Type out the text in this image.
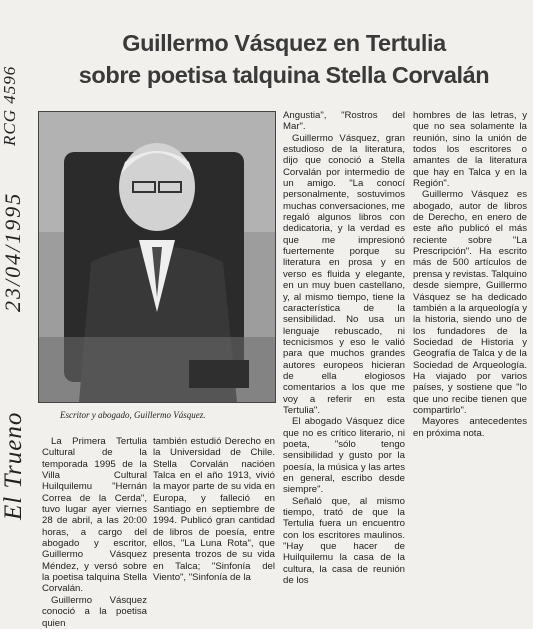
Guillermo Vásquez en Tertulia
sobre poetisa talquina Stella Corvalán
RCG 4596
23/04/1995
El Trueno	Escritor y abogado, Guillermo Vásquez.

La Primera Tertulia Cultural de la temporada 1995 de la Villa Cultural Huilquilemu "Hernán Correa de la Cerda", tuvo lugar ayer viernes 28 de abril, a las 20:00 horas, a cargo del abogado y escritor, Guillermo Vásquez Méndez, y versó sobre la poetisa talquina Stella Corvalán.

Guillermo Vásquez conoció a la poetisa quien

también estudió Derecho en la Universidad de Chile. Stella Corvalán nacióen Talca en el año 1913, vivió la mayor parte de su vida en Europa, y falleció en Santiago en septiembre de 1994. Publicó gran cantidad de libros de poesía, entre ellos, "La Luna Rota", que presenta trozos de su vida en Talca; "Sinfonía del Viento", "Sinfonía de la

Angustia", "Rostros del Mar".

Guillermo Vásquez, gran estudioso de la literatura, dijo que conoció a Stella Corvalán por intermedio de un amigo. "La conocí personalmente, sostuvimos muchas conversaciones, me regaló algunos libros con dedicatoria, y la verdad es que me impresionó fuertemente porque su literatura en prosa y en verso es fluida y elegante, en un muy buen castellano, y, al mismo tiempo, tiene la característica de la sensibilidad. No usa un lenguaje rebuscado, ni tecnicismos y eso le valió para que muchos grandes autores europeos hicieran de ella elogiosos comentarios a los que me voy a referir en esta Tertulia".

El abogado Vásquez dice que no es crítico literario, ni poeta, "sólo tengo sensibilidad y gusto por la poesía, la música y las artes en general, escribo desde siempre".

Señaló que, al mismo tiempo, trató de que la Tertulia fuera un encuentro con los escritores maulinos. "Hay que hacer de Huilquilemu la casa de la cultura, la casa de reunión de los

hombres de las letras, y que no sea solamente la reunión, sino la unión de todos los escritores o amantes de la literatura que hay en Talca y en la Región".

Guillermo Vásquez es abogado, autor de libros de Derecho, en enero de este año publicó el más reciente sobre "La Prescripción". Ha escrito más de 500 artículos de prensa y revistas. Talquino desde siempre, Guillermo Vásquez se ha dedicado también a la arqueología y la historia, siendo uno de los fundadores de la Sociedad de Historia y Geografía de Talca y de la Sociedad de Arqueología. Ha viajado por varios países, y sostiene que "lo que uno recibe tienen que compartirlo".

Mayores antecedentes en próxima nota.
